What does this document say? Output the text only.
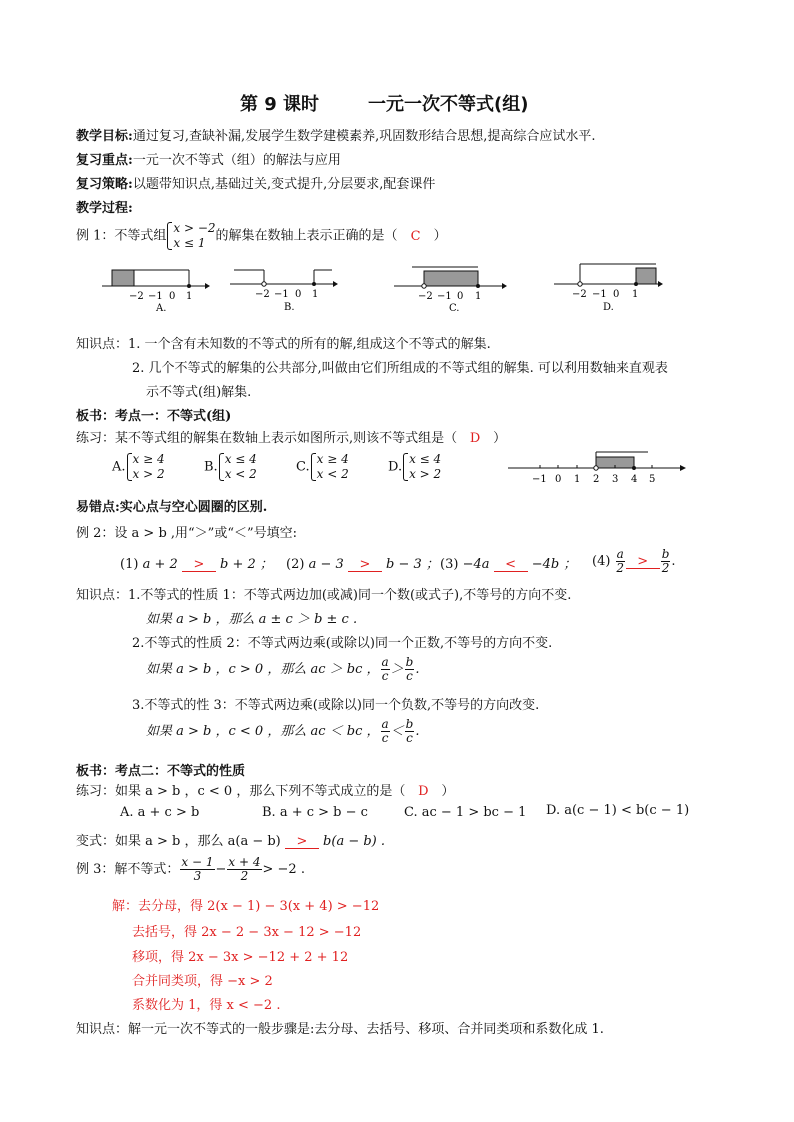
第 9 课时	一元一次不等式(组)
教学目标:通过复习,查缺补漏,发展学生数学建模素养,巩固数形结合思想,提高综合应试水平.
复习重点:一元一次不等式（组）的解法与应用
复习策略:以题带知识点,基础过关,变式提升,分层要求,配套课件
教学过程:
例 1：不等式组x > −2
x ≤ 1 的解集在数轴上表示正确的是（ C ）
−2 −1 0 1
A.
−2 −1 0 1
B.
−2 −1 0 1
C.
−2 −1 0 1
D.
知识点：1. 一个含有未知数的不等式的所有的解,组成这个不等式的解集.
2. 几个不等式的解集的公共部分,叫做由它们所组成的不等式组的解集. 可以利用数轴来直观表
示不等式(组)解集.
板书：考点一：不等式(组)
练习：某不等式组的解集在数轴上表示如图所示,则该不等式组是（ D ）
A.x ≥ 4
x > 2	B.x ≤ 4
x < 2	C.x ≥ 4
x < 2	D.x ≤ 4
x > 2	−1 0 1 2 3 4 5
易错点:实心点与空心圆圈的区别.
例 2：设 a > b ,用“＞”或“＜”号填空:
(1) a + 2 > b + 2 ； (2) a − 3 > b − 3 ； (3) −4a < −4b ； $(4) \frac{a}{2} > \frac{b}{2}$ .
知识点：1.不等式的性质 1：不等式两边加(或减)同一个数(或式子),不等号的方向不变.
如果 a > b ，那么 a ± c ＞ b ± c .
2.不等式的性质 2：不等式两边乘(或除以)同一个正数,不等号的方向不变.
如果 a > b ，c > 0 ，那么 ac ＞ bc ， $\frac{a}{c} > \frac{b}{c}$ .
3.不等式的性 3：不等式两边乘(或除以)同一个负数,不等号的方向改变.
如果 a > b ，c < 0 ，那么 ac ＜ bc ， $\frac{a}{c} < \frac{b}{c}$ .
板书：考点二：不等式的性质
练习：如果 a > b ，c < 0 ，那么下列不等式成立的是（ D ）
A. a + c > b	B. a + c > b − c	C. ac − 1 > bc − 1 D. a(c − 1) < b(c − 1)
变式：如果 a > b ，那么 a(a − b) > b(a − b) .
例 3：解不等式： $\frac{x - 1}{3} - \frac{x + 4}{2} > -2$ .
解：去分母，得 2(x − 1) − 3(x + 4) > −12
去括号，得 2x − 2 − 3x − 12 > −12
移项，得 2x − 3x > −12 + 2 + 12
合并同类项，得 −x > 2
系数化为 1，得 x < −2 .
知识点：解一元一次不等式的一般步骤是:去分母、去括号、移项、合并同类项和系数化成 1.
